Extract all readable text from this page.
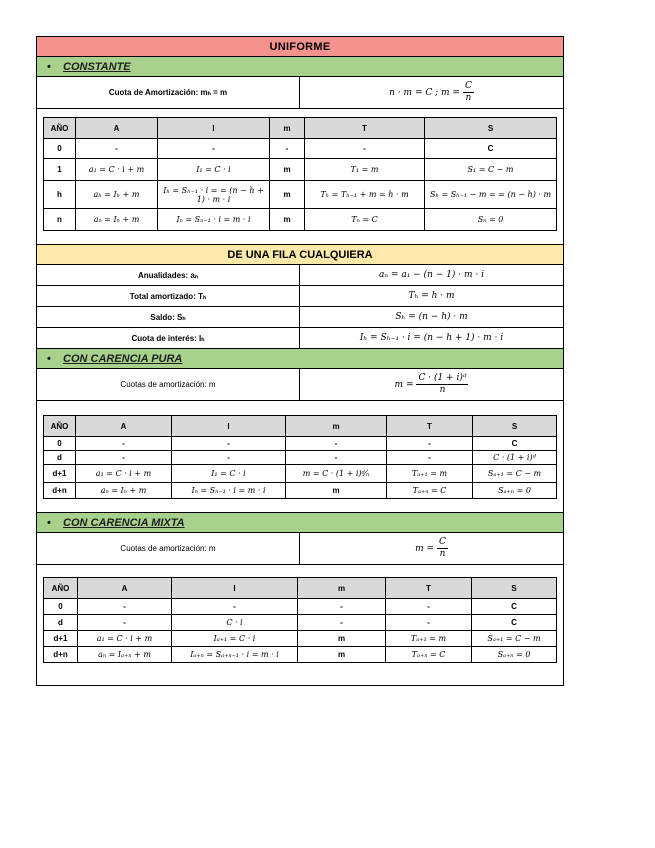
UNIFORME
• CONSTANTE
Cuota de Amortización: mₕ = m	n · m = C ; $m = \frac{C}{n}$
AÑO	A	I	m	T	S
0	-	-	-	-	C
1	a₁ = C · i + m	I₁ = C · i	m	T₁ = m	S₁ = C − m
h	aₕ = Iₕ + m	Iₕ = Sₕ₋₁ · i = = (n − h + 1) · m · i	m	Tₕ = Tₕ₋₁ + m = h · m	Sₕ = Sₕ₋₁ − m = = (n − h) · m
n	aₙ = Iₙ + m	Iₙ = Sₙ₋₁ · i = m · i	m	Tₙ = C	Sₙ = 0
DE UNA FILA CUALQUIERA
Anualidades: aₙ	aₙ = a₁ − (n − 1) · m · i
Total amortizado: Tₕ	Tₕ = h · m
Saldo: Sₕ	Sₕ = (n − h) · m
Cuota de interés: Iₕ	Iₕ = Sₕ₋₁ · i = (n − h + 1) · m · i
• CON CARENCIA PURA
Cuotas de amortización: m	$m = \frac{\text{C · (1 + i)ᵈ}}{n}$
AÑO	A	I	m	T	S
0	-	-	-	-	C
d	-	-	-	-	C · (1 + i)ᵈ
d+1	a₁ = C · i + m	I₁ = C · i	m = C · (1 + i)ᵈ⁄ₙ	Tₐ₊₁ = m	Sₐ₊₁ = C − m
d+n	aₙ = Iₙ + m	Iₙ = Sₙ₋₁ · i = m · i	m	Tₐ₊ₙ = C	Sₐ₊ₙ = 0
• CON CARENCIA MIXTA
Cuotas de amortización: m	$m = \frac{C}{n}$
AÑO	A	I	m	T	S
0	-	-	-	-	C
d	-	C · i	-	-	C
d+1	a₁ = C · i + m	Iₐ₊₁ = C · i	m	Tₐ₊₁ = m	Sₐ₊₁ = C − m
d+n	aₙ = Iₐ₊ₙ + m	Iₐ₊ₙ = Sₐ₊ₙ₋₁ · i = m · i	m	Tₐ₊ₙ = C	Sₐ₊ₙ = 0
